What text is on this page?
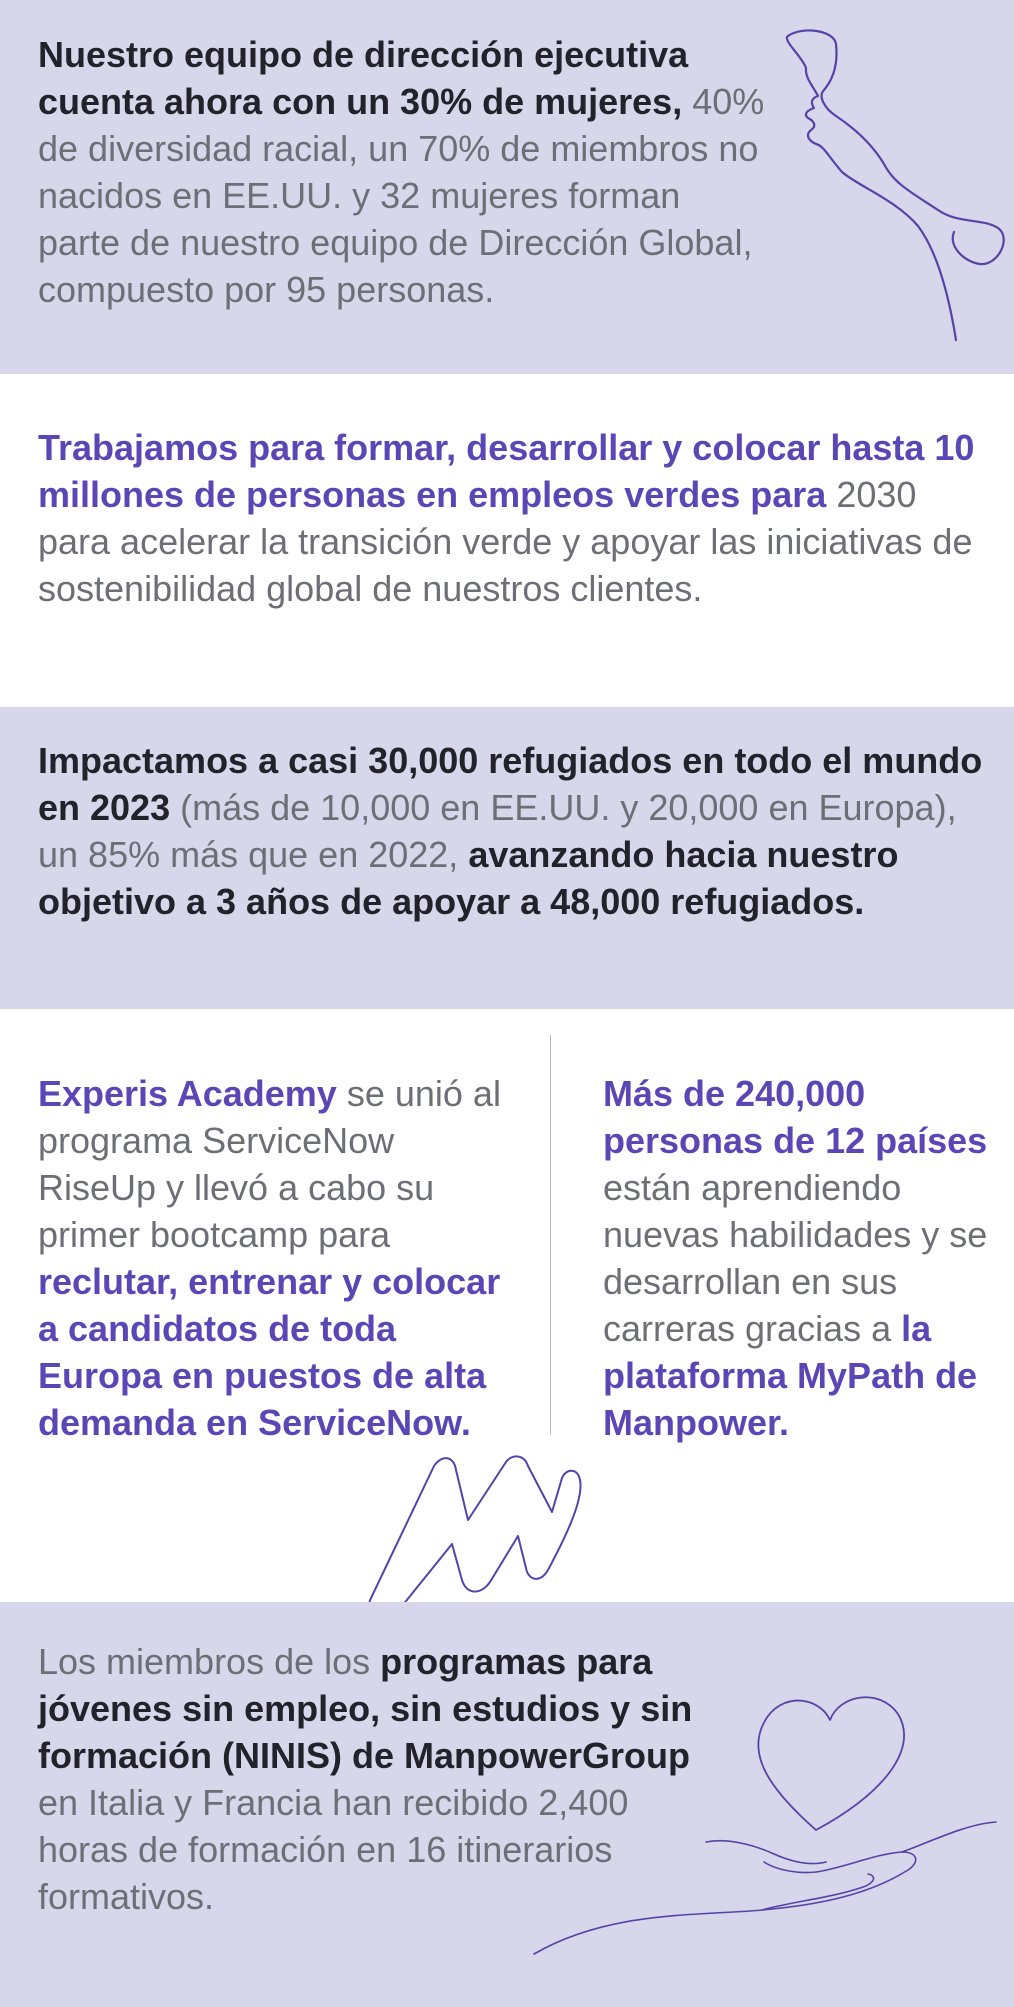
Nuestro equipo de dirección ejecutiva cuenta ahora con un 30% de mujeres, 40% de diversidad racial, un 70% de miembros no nacidos en EE.UU. y 32 mujeres forman parte de nuestro equipo de Dirección Global, compuesto por 95 personas.

Trabajamos para formar, desarrollar y colocar hasta 10 millones de personas en empleos verdes para 2030 para acelerar la transición verde y apoyar las iniciativas de sostenibilidad global de nuestros clientes.

Impactamos a casi 30,000 refugiados en todo el mundo en 2023 (más de 10,000 en EE.UU. y 20,000 en Europa), un 85% más que en 2022, avanzando hacia nuestro objetivo a 3 años de apoyar a 48,000 refugiados.

Experis Academy se unió al programa ServiceNow RiseUp y llevó a cabo su primer bootcamp para reclutar, entrenar y colocar a candidatos de toda Europa en puestos de alta demanda en ServiceNow.

Más de 240,000 personas de 12 países están aprendiendo nuevas habilidades y se desarrollan en sus carreras gracias a la plataforma MyPath de Manpower.

Los miembros de los programas para jóvenes sin empleo, sin estudios y sin formación (NINIS) de ManpowerGroup en Italia y Francia han recibido 2,400 horas de formación en 16 itinerarios formativos.
